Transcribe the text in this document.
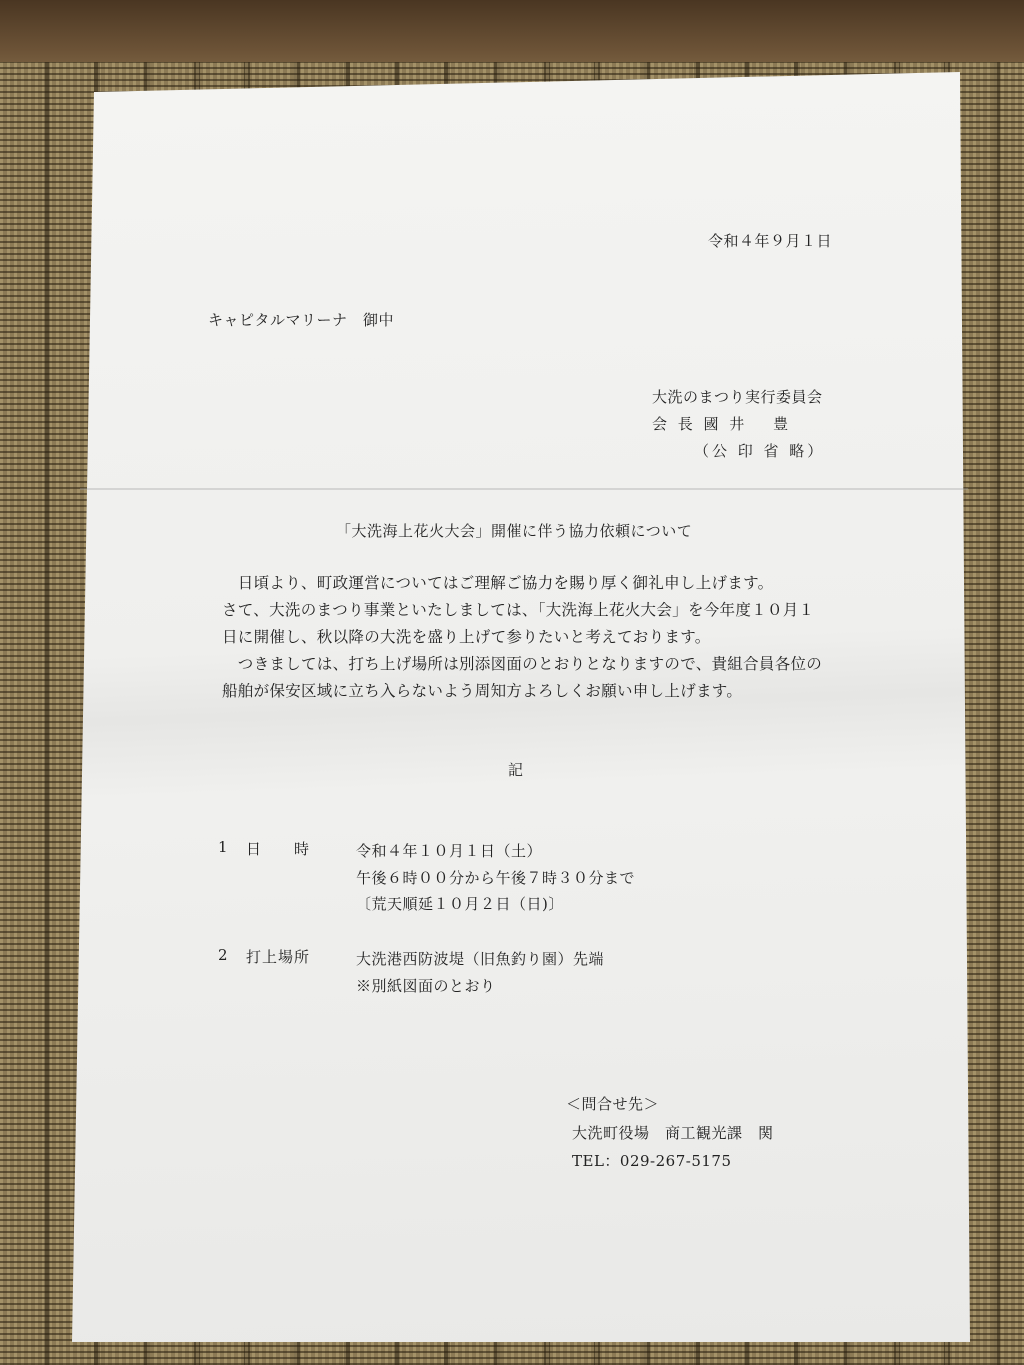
令和４年９月１日
キャピタルマリーナ　御中
大洗のまつり実行委員会
会 長 國 井　 豊
（公 印 省 略）
「大洗海上花火大会」開催に伴う協力依頼について
　日頃より、町政運営についてはご理解ご協力を賜り厚く御礼申し上げます。
さて、大洗のまつり事業といたしましては、「大洗海上花火大会」を今年度１０月１
日に開催し、秋以降の大洗を盛り上げて参りたいと考えております。
　つきましては、打ち上げ場所は別添図面のとおりとなりますので、貴組合員各位の
船舶が保安区域に立ち入らないよう周知方よろしくお願い申し上げます。
記
1 日　　時	令和４年１０月１日（土）
午後６時００分から午後７時３０分まで
〔荒天順延１０月２日（日)〕
2 打上場所	大洗港西防波堤（旧魚釣り園）先端
※別紙図面のとおり
＜問合せ先＞
大洗町役場　商工観光課　関
TEL：029-267-5175
